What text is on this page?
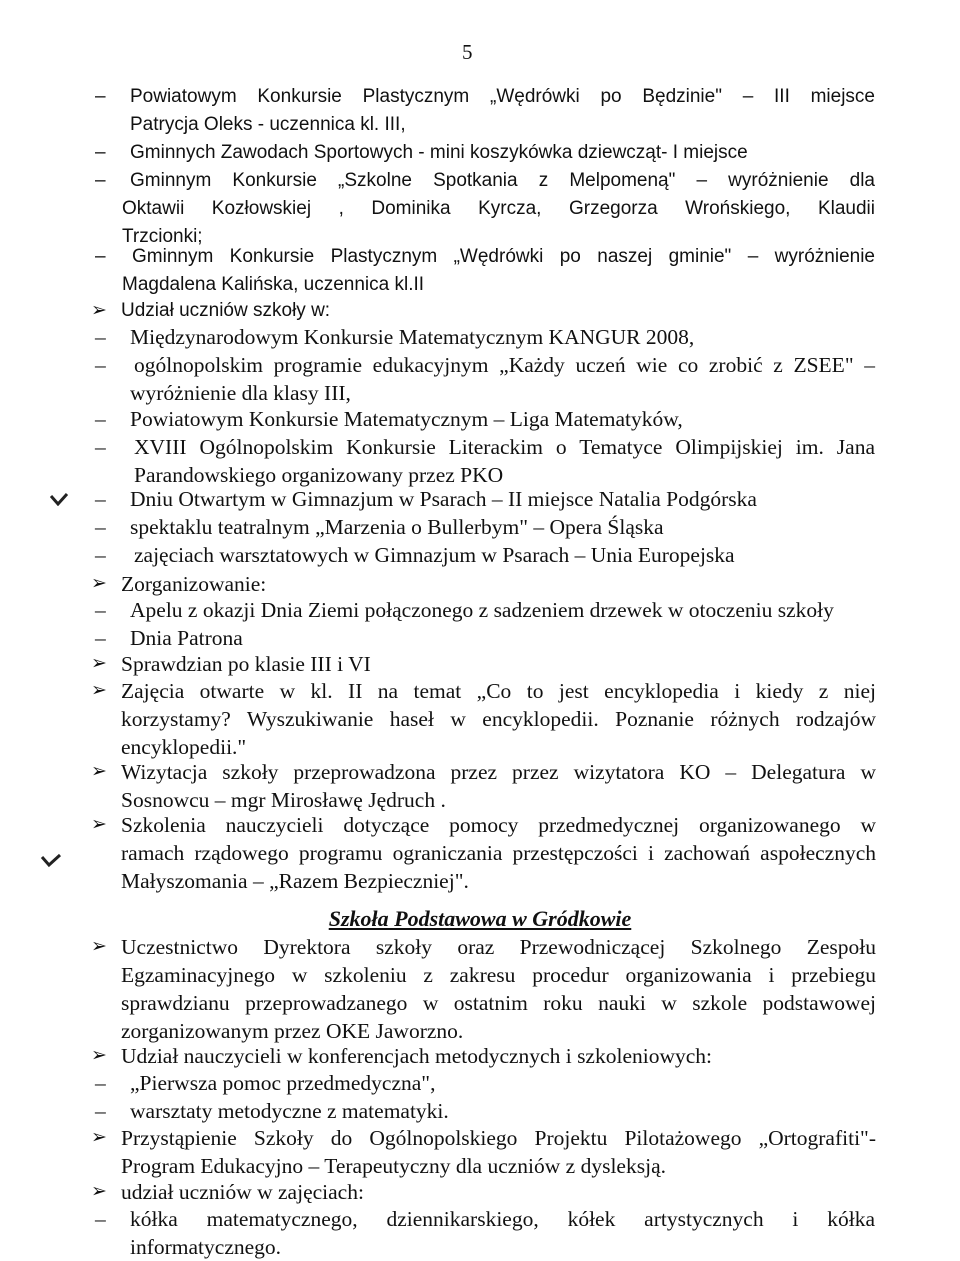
5
– Powiatowym Konkursie Plastycznym „Wędrówki po Będzinie" – III miejsce
Patrycja Oleks - uczennica kl. III,
– Gminnych Zawodach Sportowych - mini koszykówka dziewcząt- I miejsce
– Gminnym Konkursie „Szkolne Spotkania z Melpomeną" – wyróżnienie dla
Oktawii Kozłowskiej , Dominika Kyrcza, Grzegorza Wrońskiego, Klaudii
Trzcionki;
– Gminnym Konkursie Plastycznym „Wędrówki po naszej gminie" – wyróżnienie
Magdalena Kalińska, uczennica kl.II
➢ Udział uczniów szkoły w:
– Międzynarodowym Konkursie Matematycznym KANGUR 2008,
– ogólnopolskim programie edukacyjnym „Każdy uczeń wie co zrobić z ZSEE" –
wyróżnienie dla klasy III,
– Powiatowym Konkursie Matematycznym – Liga Matematyków,
– XVIII Ogólnopolskim Konkursie Literackim o Tematyce Olimpijskiej im. Jana
Parandowskiego organizowany przez PKO
– Dniu Otwartym w Gimnazjum w Psarach – II miejsce Natalia Podgórska
– spektaklu teatralnym „Marzenia o Bullerbym" – Opera Śląska
– zajęciach warsztatowych w Gimnazjum w Psarach – Unia Europejska
➢ Zorganizowanie:
– Apelu z okazji Dnia Ziemi połączonego z sadzeniem drzewek w otoczeniu szkoły
– Dnia Patrona
➢ Sprawdzian po klasie III i VI
➢ Zajęcia otwarte w kl. II na temat „Co to jest encyklopedia i kiedy z niej
korzystamy? Wyszukiwanie haseł w encyklopedii. Poznanie różnych rodzajów
encyklopedii."
➢ Wizytacja szkoły przeprowadzona przez przez wizytatora KO – Delegatura w
Sosnowcu – mgr Mirosławę Jędruch .
➢ Szkolenia nauczycieli dotyczące pomocy przedmedycznej organizowanego w
ramach rządowego programu ograniczania przestępczości i zachowań aspołecznych
Małyszomania – „Razem Bezpieczniej".
Szkoła Podstawowa w Gródkowie
➢ Uczestnictwo Dyrektora szkoły oraz Przewodniczącej Szkolnego Zespołu
Egzaminacyjnego w szkoleniu z zakresu procedur organizowania i przebiegu
sprawdzianu przeprowadzanego w ostatnim roku nauki w szkole podstawowej
zorganizowanym przez OKE Jaworzno.
➢ Udział nauczycieli w konferencjach metodycznych i szkoleniowych:
– „Pierwsza pomoc przedmedyczna",
– warsztaty metodyczne z matematyki.
➢ Przystąpienie Szkoły do Ogólnopolskiego Projektu Pilotażowego „Ortografiti"-
Program Edukacyjno – Terapeutyczny dla uczniów z dysleksją.
➢ udział uczniów w zajęciach:
– kółka matematycznego, dziennikarskiego, kółek artystycznych i kółka
informatycznego.
